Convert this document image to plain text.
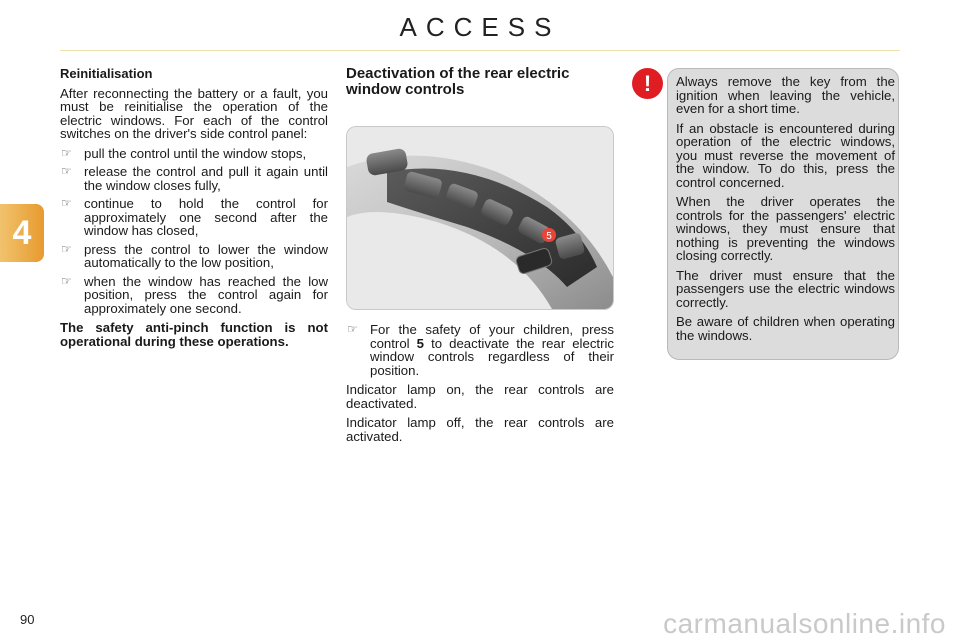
ACCESS
4
Reinitialisation

After reconnecting the battery or a fault, you must be reinitialise the operation of the electric windows. For each of the control switches on the driver's side control panel:

☞ pull the control until the window stops,
☞ release the control and pull it again until the window closes fully,
☞ continue to hold the control for approximately one second after the window has closed,
☞ press the control to lower the window automatically to the low position,
☞ when the window has reached the low position, press the control again for approximately one second.

The safety anti-pinch function is not operational during these operations.

Deactivation of the rear electric window controls
5
☞ For the safety of your children, press control 5 to deactivate the rear electric window controls regardless of their position.

Indicator lamp on, the rear controls are deactivated.

Indicator lamp off, the rear controls are activated.

!	Always remove the key from the ignition when leaving the vehicle, even for a short time.

If an obstacle is encountered during operation of the electric windows, you must reverse the movement of the window. To do this, press the control concerned.

When the driver operates the controls for the passengers' electric windows, they must ensure that nothing is preventing the windows closing correctly.

The driver must ensure that the passengers use the electric windows correctly.

Be aware of children when operating the windows.

90	carmanualsonline.info
